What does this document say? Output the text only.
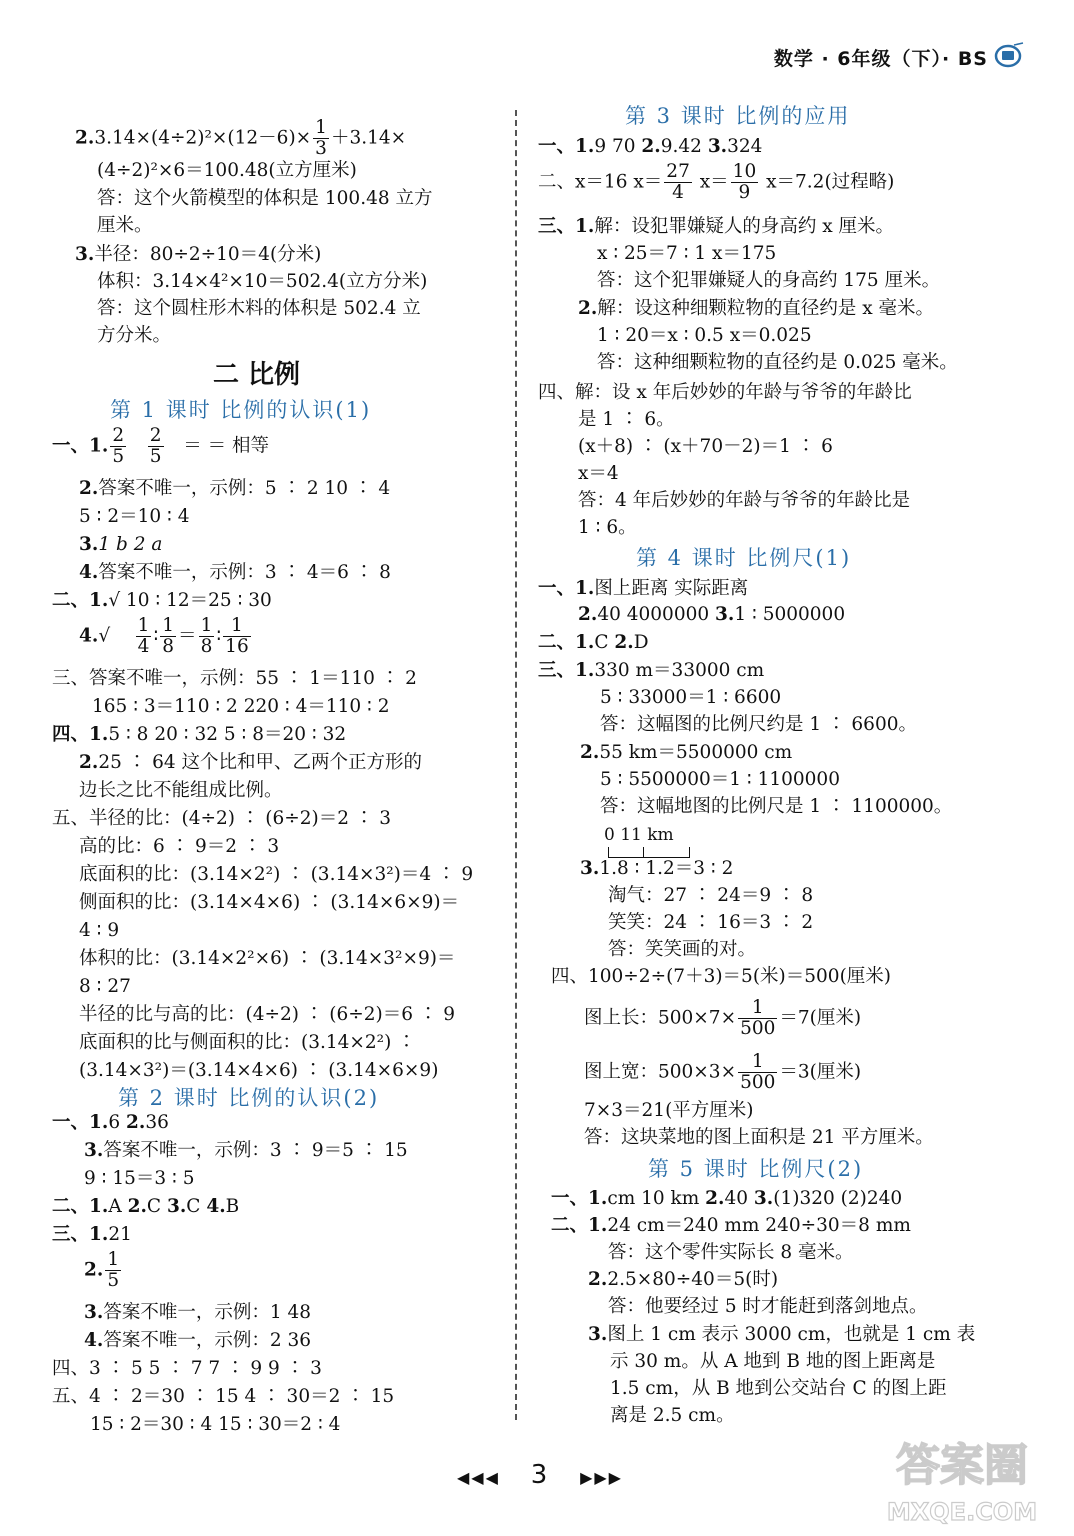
数学 · 6年级（下）· BS
$2.3.14\times(4\div 2)^2\times(12-6)\times \frac{1}{3} +3.14\times$
(4÷2)²×6＝100.48(立方厘米)
答：这个火箭模型的体积是 100.48 立方
厘米。
3.半径：80÷2÷10＝4(分米)
体积：3.14×4²×10＝502.4(立方分米)
答：这个圆柱形木料的体积是 502.4 立
方分米。
二 比例
第 1 课时 比例的认识(1)
一、1. $\frac{2}{5}$
$\frac{2}{5}$ ＝ ＝ 相等
2.答案不唯一，示例：5 ∶ 2 10 ∶ 4
5 ∶ 2＝10 ∶ 4
3.1 b 2 a
4.答案不唯一，示例：3 ∶ 4＝6 ∶ 8
二、1.√ 10 ∶ 12＝25 ∶ 30
$4.√ \frac{1}{4}$ ∶ $\frac{1}{8} = \frac{1}{8}$ ∶ $\frac{1}{16}$
三、答案不唯一，示例：55 ∶ 1＝110 ∶ 2
165 ∶ 3＝110 ∶ 2 220 ∶ 4＝110 ∶ 2
四、1.5 ∶ 8 20 ∶ 32 5 ∶ 8＝20 ∶ 32
2.25 ∶ 64 这个比和甲、乙两个正方形的
边长之比不能组成比例。
五、半径的比：(4÷2) ∶ (6÷2)＝2 ∶ 3
高的比：6 ∶ 9＝2 ∶ 3
底面积的比：(3.14×2²) ∶ (3.14×3²)＝4 ∶ 9
侧面积的比：(3.14×4×6) ∶ (3.14×6×9)＝
4 ∶ 9
体积的比：(3.14×2²×6) ∶ (3.14×3²×9)＝
8 ∶ 27
半径的比与高的比：(4÷2) ∶ (6÷2)＝6 ∶ 9
底面积的比与侧面积的比：(3.14×2²) ∶
(3.14×3²)＝(3.14×4×6) ∶ (3.14×6×9)
第 2 课时 比例的认识(2)
一、1.6 2.36
3.答案不唯一，示例：3 ∶ 9＝5 ∶ 15
9 ∶ 15＝3 ∶ 5
二、1.A 2.C 3.C 4.B
三、1.21
2. $\frac{1}{5}$
3.答案不唯一，示例：1 48
4.答案不唯一，示例：2 36
四、3 ∶ 5 5 ∶ 7 7 ∶ 9 9 ∶ 3
五、4 ∶ 2＝30 ∶ 15 4 ∶ 30＝2 ∶ 15
15 ∶ 2＝30 ∶ 4 15 ∶ 30＝2 ∶ 4
第 3 课时 比例的应用
一、1.9 70 2.9.42 3.324
二、x＝16 $x= \frac{27}{4} x= \frac{10}{9} x=7.2$(过程略)
三、1.解：设犯罪嫌疑人的身高约 x 厘米。
x ∶ 25＝7 ∶ 1 x＝175
答：这个犯罪嫌疑人的身高约 175 厘米。
2.解：设这种细颗粒物的直径约是 x 毫米。
1 ∶ 20＝x ∶ 0.5 x＝0.025
答：这种细颗粒物的直径约是 0.025 毫米。
四、解：设 x 年后妙妙的年龄与爷爷的年龄比
是 1 ∶ 6。
(x＋8) ∶ (x＋70－2)＝1 ∶ 6
x＝4
答：4 年后妙妙的年龄与爷爷的年龄比是
1 ∶ 6。
第 4 课时 比例尺(1)
一、1.图上距离 实际距离
2.40 4000000 3.1 ∶ 5000000
二、1.C 2.D
三、1.330 m＝33000 cm
5 ∶ 33000＝1 ∶ 6600
答：这幅图的比例尺约是 1 ∶ 6600。
2.55 km＝5500000 cm
5 ∶ 5500000＝1 ∶ 1100000
答：这幅地图的比例尺是 1 ∶ 1100000。
0 11 km
3.1.8 ∶ 1.2＝3 ∶ 2
淘气：27 ∶ 24＝9 ∶ 8
笑笑：24 ∶ 16＝3 ∶ 2
答：笑笑画的对。
四、100÷2÷(7＋3)＝5(米)＝500(厘米)
图上长：$500\times 7\times \frac{1}{500} =7$(厘米)
图上宽：$500\times 3\times \frac{1}{500} =3$(厘米)
7×3＝21(平方厘米)
答：这块菜地的图上面积是 21 平方厘米。
第 5 课时 比例尺(2)
一、1.cm 10 km 2.40 3.(1)320 (2)240
二、1.24 cm＝240 mm 240÷30＝8 mm
答：这个零件实际长 8 毫米。
2.2.5×80÷40＝5(时)
答：他要经过 5 时才能赶到落剑地点。
3.图上 1 cm 表示 3000 cm，也就是 1 cm 表
示 30 m。从 A 地到 B 地的图上距离是
1.5 cm，从 B 地到公交站台 C 的图上距
离是 2.5 cm。
◀◀◀ 3 ▶▶▶	答案圈
MXQE.COM
